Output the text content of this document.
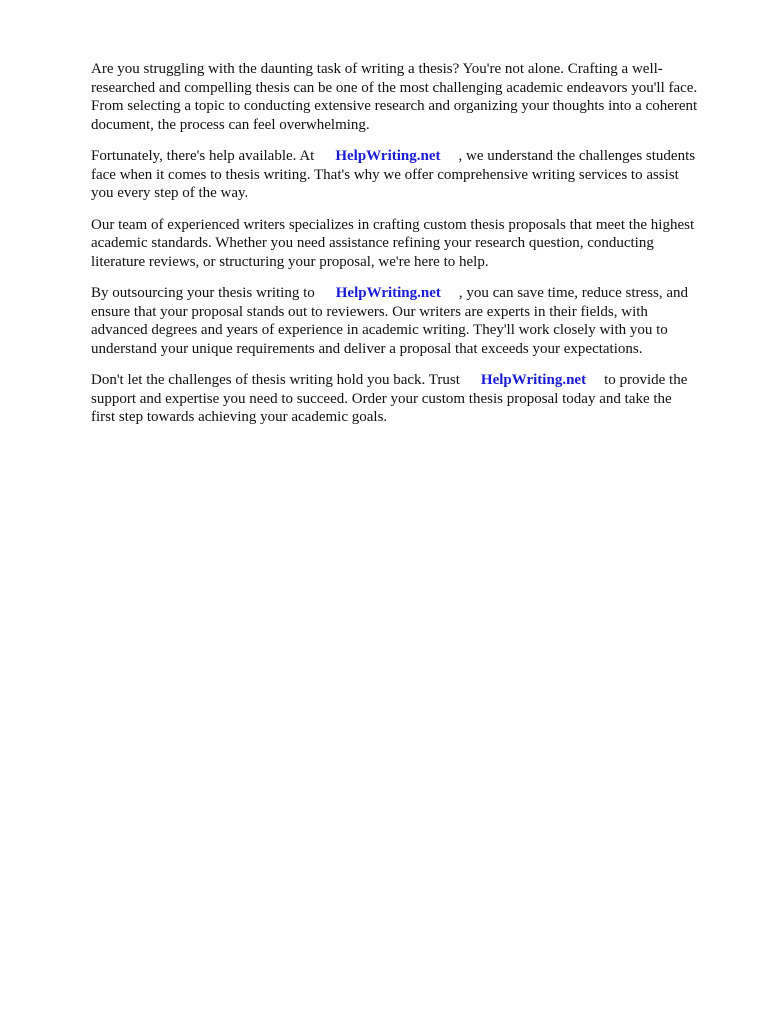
Are you struggling with the daunting task of writing a thesis? You're not alone. Crafting a well-
researched and compelling thesis can be one of the most challenging academic endeavors you'll face.
From selecting a topic to conducting extensive research and organizing your thoughts into a coherent
document, the process can feel overwhelming.

Fortunately, there's help available. At HelpWriting.net , we understand the challenges students
face when it comes to thesis writing. That's why we offer comprehensive writing services to assist
you every step of the way.

Our team of experienced writers specializes in crafting custom thesis proposals that meet the highest
academic standards. Whether you need assistance refining your research question, conducting
literature reviews, or structuring your proposal, we're here to help.

By outsourcing your thesis writing to HelpWriting.net , you can save time, reduce stress, and
ensure that your proposal stands out to reviewers. Our writers are experts in their fields, with
advanced degrees and years of experience in academic writing. They'll work closely with you to
understand your unique requirements and deliver a proposal that exceeds your expectations.

Don't let the challenges of thesis writing hold you back. Trust HelpWriting.net to provide the
support and expertise you need to succeed. Order your custom thesis proposal today and take the
first step towards achieving your academic goals.
